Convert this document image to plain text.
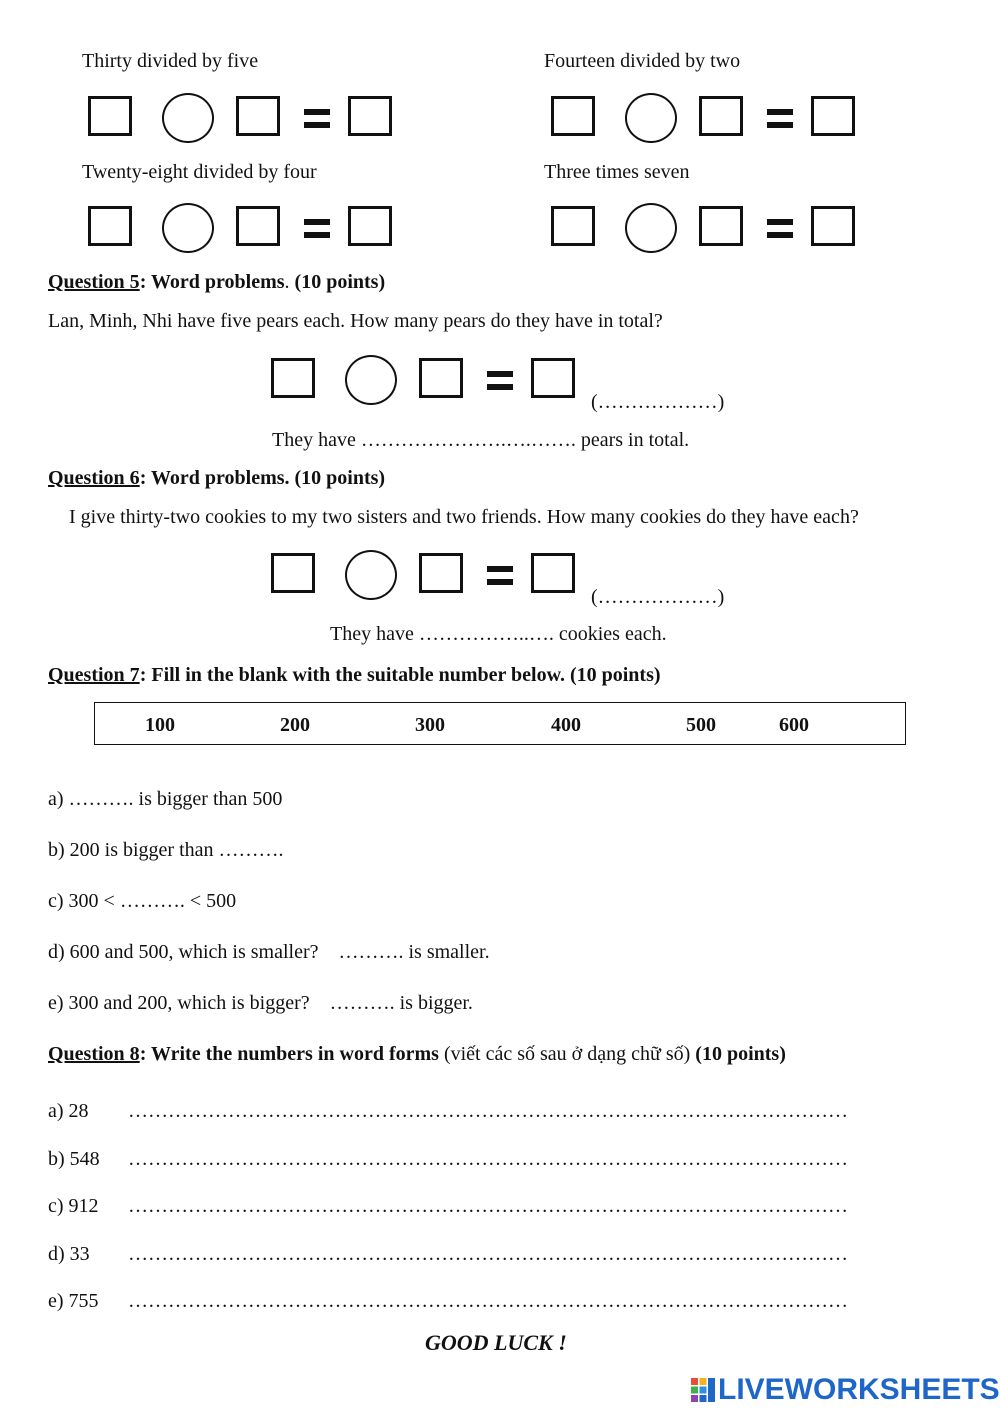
Thirty divided by five	Fourteen divided by two
Twenty-eight divided by four	Three times seven
Question 5: Word problems. (10 points)
Lan, Minh, Nhi have five pears each. How many pears do they have in total?
(………………)
They have ………………….….……. pears in total.
Question 6: Word problems. (10 points)
I give thirty-two cookies to my two sisters and two friends. How many cookies do they have each?
(………………)
They have ……………..…. cookies each.
Question 7: Fill in the blank with the suitable number below. (10 points)
100	200	300	400	500	600
a) ………. is bigger than 500
b) 200 is bigger than ……….
c) 300 < ………. < 500
d) 600 and 500, which is smaller?    ………. is smaller.
e) 300 and 200, which is bigger?    ………. is bigger.
Question 8: Write the numbers in word forms (viết các số sau ở dạng chữ số) (10 points)
a) 28 ………………………………………………………………………………………………
b) 548 ………………………………………………………………………………………………
c) 912 ………………………………………………………………………………………………
d) 33 ………………………………………………………………………………………………
e) 755 ………………………………………………………………………………………………
GOOD LUCK !
LIVEWORKSHEETS
